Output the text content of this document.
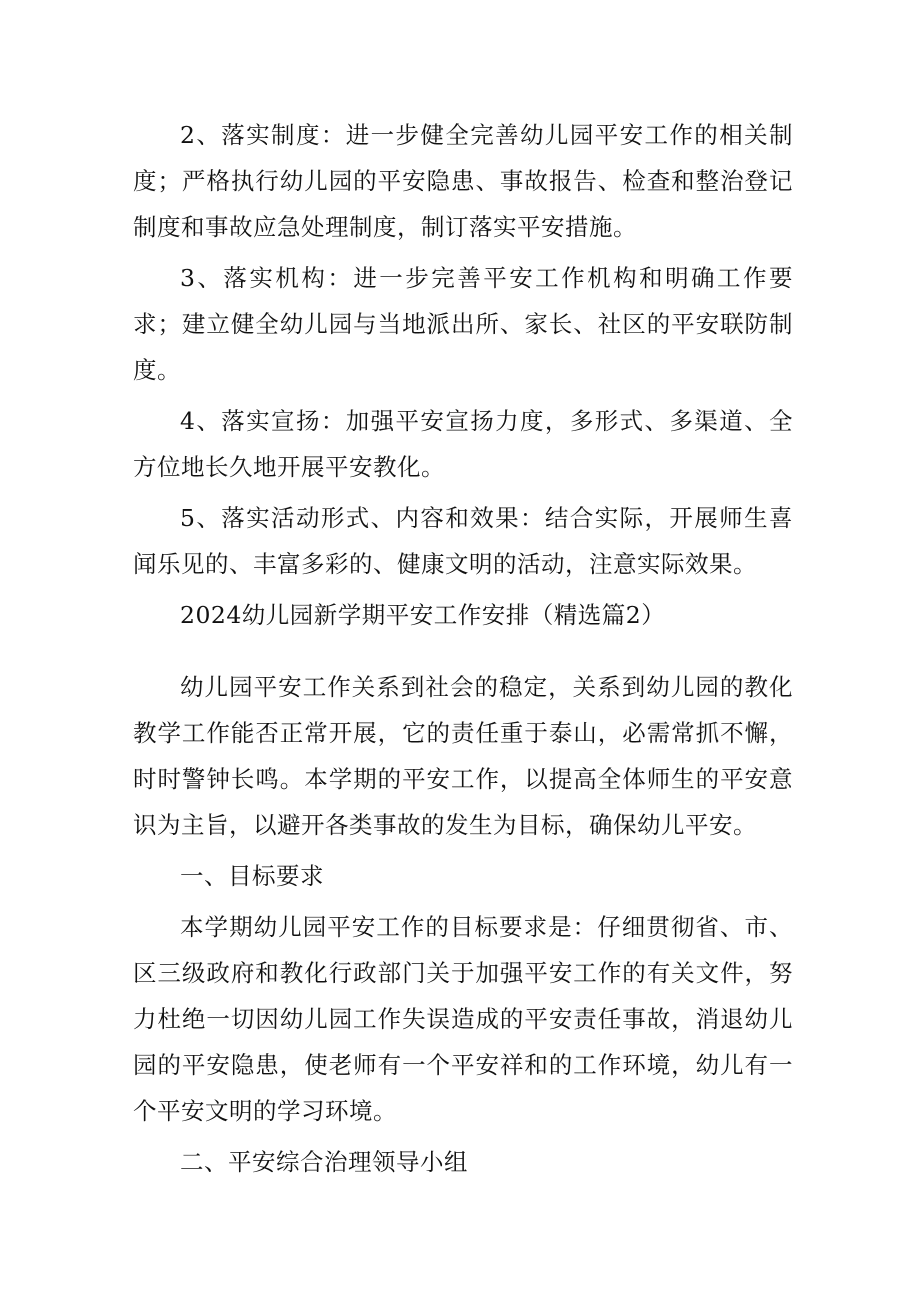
2、落实制度：进一步健全完善幼儿园平安工作的相关制度；严格执行幼儿园的平安隐患、事故报告、检查和整治登记制度和事故应急处理制度，制订落实平安措施。

3、落实机构：进一步完善平安工作机构和明确工作要求；建立健全幼儿园与当地派出所、家长、社区的平安联防制度。

4、落实宣扬：加强平安宣扬力度，多形式、多渠道、全方位地长久地开展平安教化。

5、落实活动形式、内容和效果：结合实际，开展师生喜闻乐见的、丰富多彩的、健康文明的活动，注意实际效果。

2024幼儿园新学期平安工作安排（精选篇2）

幼儿园平安工作关系到社会的稳定，关系到幼儿园的教化教学工作能否正常开展，它的责任重于泰山，必需常抓不懈，时时警钟长鸣。本学期的平安工作，以提高全体师生的平安意识为主旨，以避开各类事故的发生为目标，确保幼儿平安。

一、目标要求

本学期幼儿园平安工作的目标要求是：仔细贯彻省、市、区三级政府和教化行政部门关于加强平安工作的有关文件，努力杜绝一切因幼儿园工作失误造成的平安责任事故，消退幼儿园的平安隐患，使老师有一个平安祥和的工作环境，幼儿有一个平安文明的学习环境。

二、平安综合治理领导小组
